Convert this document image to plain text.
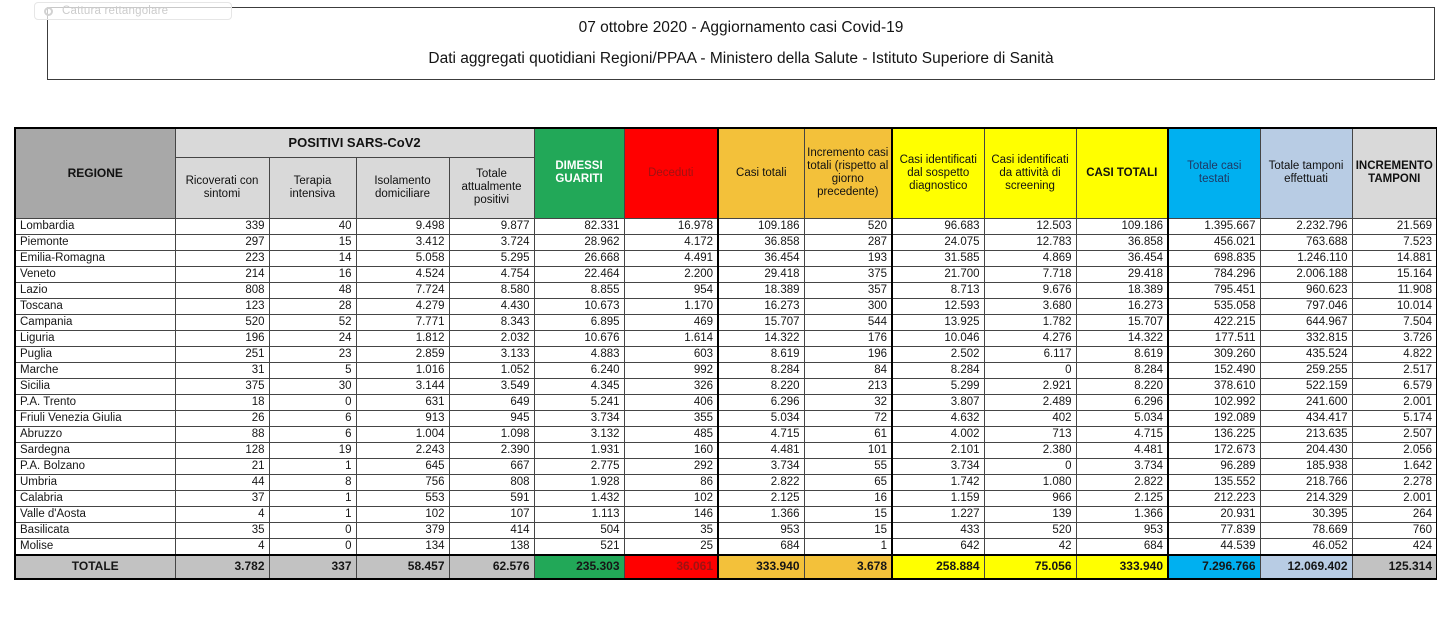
Cattura rettangolare
07 ottobre 2020 - Aggiornamento casi Covid-19
Dati aggregati quotidiani Regioni/PPAA - Ministero della Salute - Istituto Superiore di Sanità
REGIONE	POSITIVI SARS-CoV2				DIMESSI GUARITI	Deceduti	Casi totali	Incremento casi totali (rispetto al giorno precedente)	Casi identificati dal sospetto diagnostico	Casi identificati da attività di screening	CASI TOTALI	Totale casi testati	Totale tamponi effettuati	INCREMENTO TAMPONI
	Ricoverati con sintomi	Terapia intensiva	Isolamento domiciliare	Totale attualmente positivi										
Lombardia	339	40	9.498	9.877	82.331	16.978	109.186	520	96.683	12.503	109.186	1.395.667	2.232.796	21.569
Piemonte	297	15	3.412	3.724	28.962	4.172	36.858	287	24.075	12.783	36.858	456.021	763.688	7.523
Emilia-Romagna	223	14	5.058	5.295	26.668	4.491	36.454	193	31.585	4.869	36.454	698.835	1.246.110	14.881
Veneto	214	16	4.524	4.754	22.464	2.200	29.418	375	21.700	7.718	29.418	784.296	2.006.188	15.164
Lazio	808	48	7.724	8.580	8.855	954	18.389	357	8.713	9.676	18.389	795.451	960.623	11.908
Toscana	123	28	4.279	4.430	10.673	1.170	16.273	300	12.593	3.680	16.273	535.058	797.046	10.014
Campania	520	52	7.771	8.343	6.895	469	15.707	544	13.925	1.782	15.707	422.215	644.967	7.504
Liguria	196	24	1.812	2.032	10.676	1.614	14.322	176	10.046	4.276	14.322	177.511	332.815	3.726
Puglia	251	23	2.859	3.133	4.883	603	8.619	196	2.502	6.117	8.619	309.260	435.524	4.822
Marche	31	5	1.016	1.052	6.240	992	8.284	84	8.284	0	8.284	152.490	259.255	2.517
Sicilia	375	30	3.144	3.549	4.345	326	8.220	213	5.299	2.921	8.220	378.610	522.159	6.579
P.A. Trento	18	0	631	649	5.241	406	6.296	32	3.807	2.489	6.296	102.992	241.600	2.001
Friuli Venezia Giulia	26	6	913	945	3.734	355	5.034	72	4.632	402	5.034	192.089	434.417	5.174
Abruzzo	88	6	1.004	1.098	3.132	485	4.715	61	4.002	713	4.715	136.225	213.635	2.507
Sardegna	128	19	2.243	2.390	1.931	160	4.481	101	2.101	2.380	4.481	172.673	204.430	2.056
P.A. Bolzano	21	1	645	667	2.775	292	3.734	55	3.734	0	3.734	96.289	185.938	1.642
Umbria	44	8	756	808	1.928	86	2.822	65	1.742	1.080	2.822	135.552	218.766	2.278
Calabria	37	1	553	591	1.432	102	2.125	16	1.159	966	2.125	212.223	214.329	2.001
Valle d'Aosta	4	1	102	107	1.113	146	1.366	15	1.227	139	1.366	20.931	30.395	264
Basilicata	35	0	379	414	504	35	953	15	433	520	953	77.839	78.669	760
Molise	4	0	134	138	521	25	684	1	642	42	684	44.539	46.052	424
TOTALE	3.782	337	58.457	62.576	235.303	36.061	333.940	3.678	258.884	75.056	333.940	7.296.766	12.069.402	125.314
